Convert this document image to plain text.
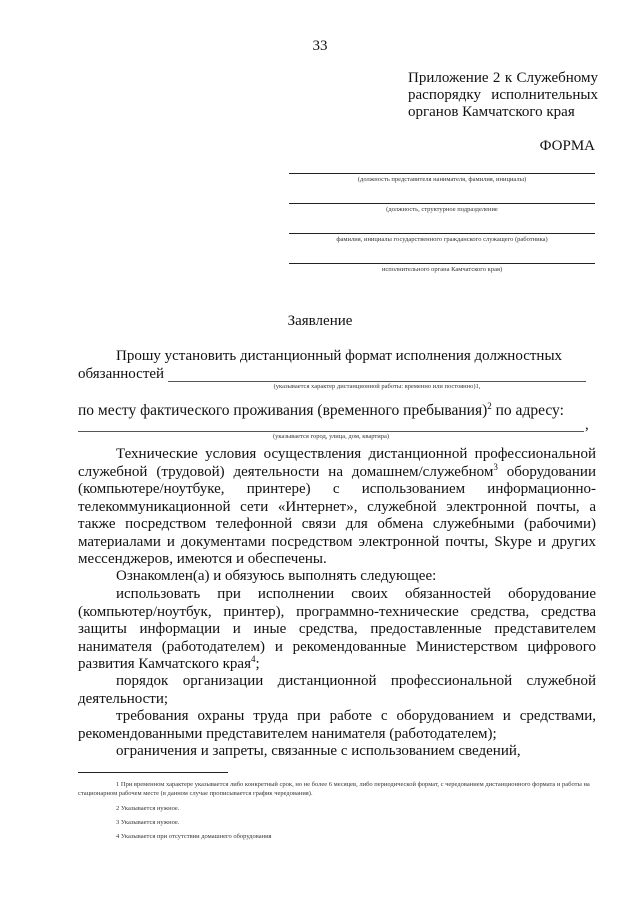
33
Приложение 2 к Служебному распорядку исполнительных органов Камчатского края
ФОРМА
(должность представителя нанимателя, фамилия, инициалы)
(должность, структурное подразделение
фамилия, инициалы государственного гражданского служащего (работника)
исполнительного органа Камчатского края)
Заявление
Прошу установить дистанционный формат исполнения должностных
обязанностей
(указывается характер дистанционной работы: временно или постоянно)1,
по месту фактического проживания (временного пребывания)$^2$ по адресу:
,
(указывается город, улица, дом, квартира)
Технические условия осуществления дистанционной профессиональной служебной (трудовой) деятельности на домашнем/служебном$^3$ оборудовании (компьютере/ноутбуке, принтере) с использованием информационно-телекоммуникационной сети «Интернет», служебной электронной почты, а также посредством телефонной связи для обмена служебными (рабочими) материалами и документами посредством электронной почты, Skype и других мессенджеров, имеются и обеспечены.
Ознакомлен(а) и обязуюсь выполнять следующее:
использовать при исполнении своих обязанностей оборудование (компьютер/ноутбук, принтер), программно-технические средства, средства защиты информации и иные средства, предоставленные представителем нанимателя (работодателем) и рекомендованные Министерством цифрового развития Камчатского края$^4$;
порядок организации дистанционной профессиональной служебной деятельности;
требования охраны труда при работе с оборудованием и средствами, рекомендованными представителем нанимателя (работодателем);
ограничения и запреты, связанные с использованием сведений,
1 При временном характере указывается либо конкретный срок, но не более 6 месяцев, либо периодической формат, с чередованием дистанционного формата и работы на стационарном рабочем месте (в данном случае прописывается график чередования).
2 Указывается нужное.
3 Указывается нужное.
4 Указывается при отсутствии домашнего оборудования
